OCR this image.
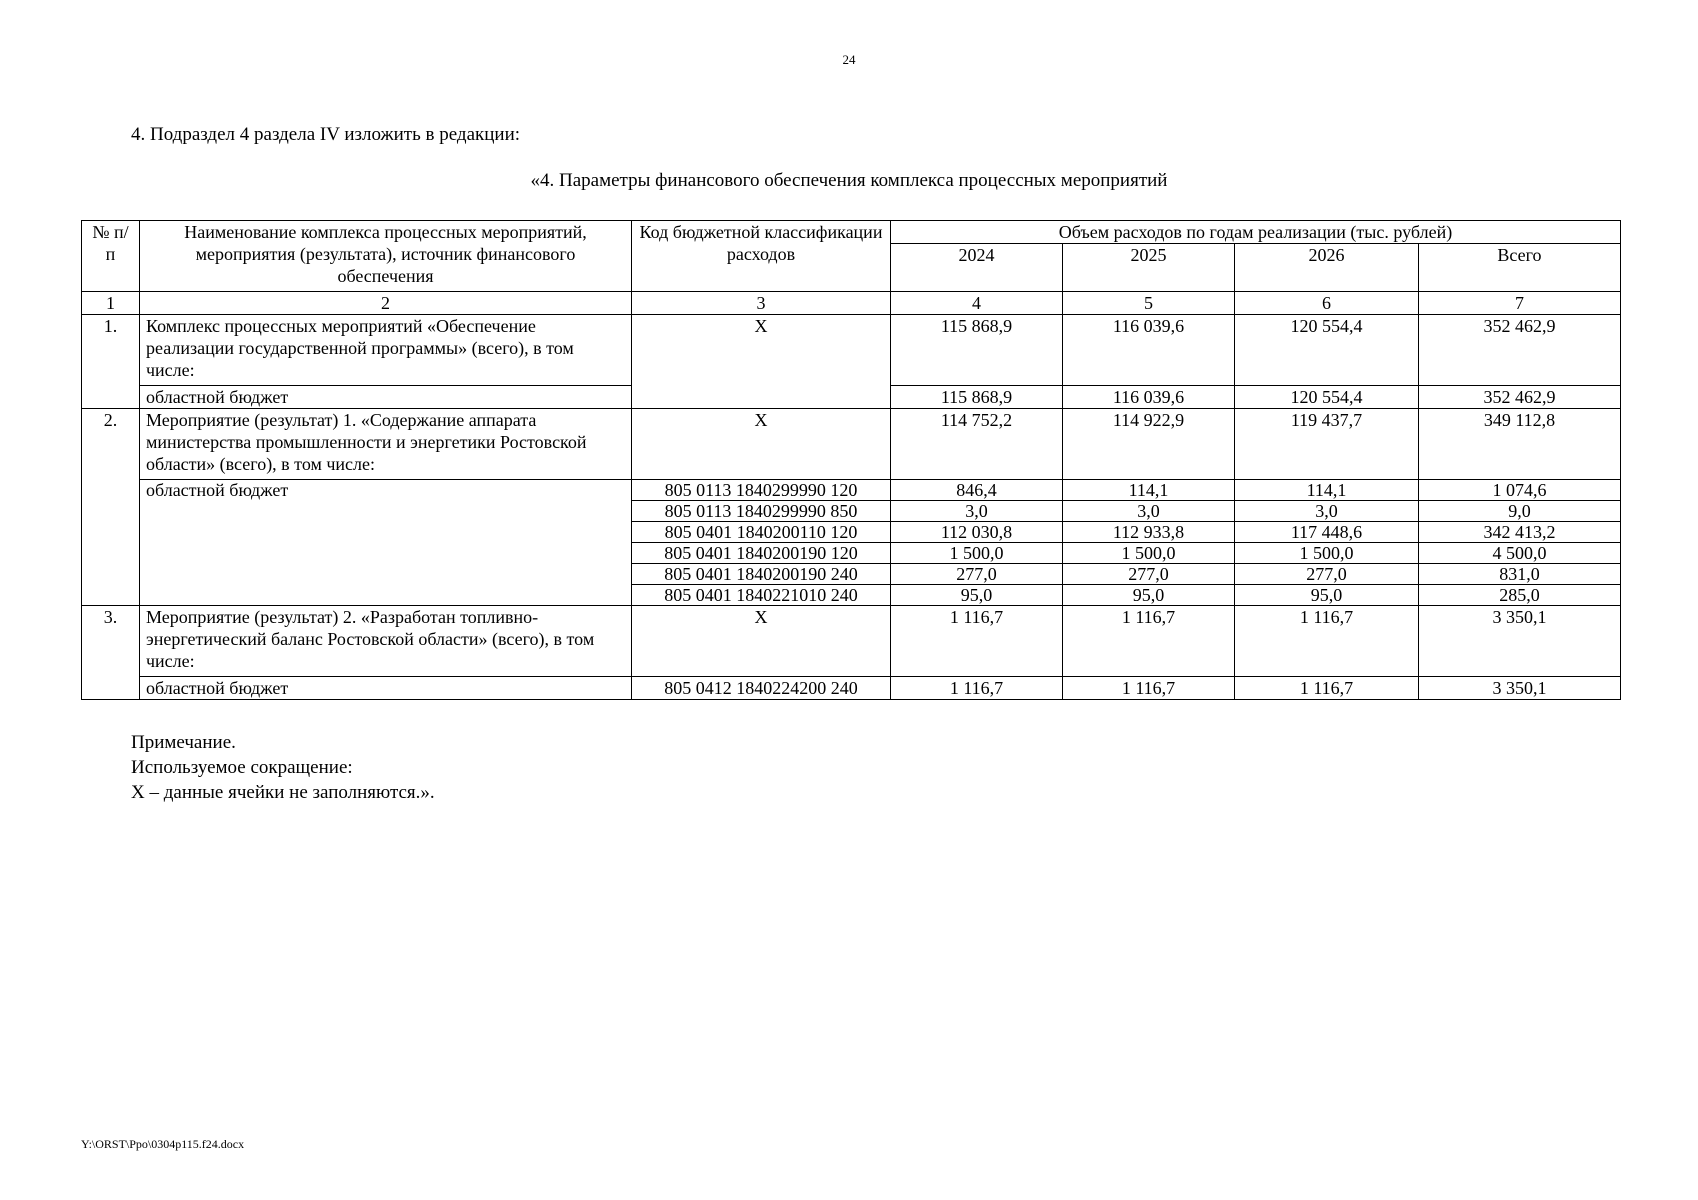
24
4. Подраздел 4 раздела IV изложить в редакции:
«4. Параметры финансового обеспечения комплекса процессных мероприятий
№ п/п	Наименование комплекса процессных мероприятий, мероприятия (результата), источник финансового обеспечения	Код бюджетной классификации расходов	Объем расходов по годам реализации (тыс. рублей)			
			2024	2025	2026	Всего
1	2	3	4	5	6	7
1.	Комплекс процессных мероприятий «Обеспечение реализации государственной программы» (всего), в том числе:	X	115 868,9	116 039,6	120 554,4	352 462,9
	областной бюджет		115 868,9	116 039,6	120 554,4	352 462,9
2.	Мероприятие (результат) 1. «Содержание аппарата министерства промышленности и энергетики Ростовской области» (всего), в том числе:	X	114 752,2	114 922,9	119 437,7	349 112,8
	областной бюджет	805 0113 1840299990 120	846,4	114,1	114,1	1 074,6
		805 0113 1840299990 850	3,0	3,0	3,0	9,0
		805 0401 1840200110 120	112 030,8	112 933,8	117 448,6	342 413,2
		805 0401 1840200190 120	1 500,0	1 500,0	1 500,0	4 500,0
		805 0401 1840200190 240	277,0	277,0	277,0	831,0
		805 0401 1840221010 240	95,0	95,0	95,0	285,0
3.	Мероприятие (результат) 2. «Разработан топливно-энергетический баланс Ростовской области» (всего), в том числе:	X	1 116,7	1 116,7	1 116,7	3 350,1
	областной бюджет	805 0412 1840224200 240	1 116,7	1 116,7	1 116,7	3 350,1
Примечание.
Используемое сокращение:
X – данные ячейки не заполняются.».
Y:\ORST\Ppo\0304p115.f24.docx
